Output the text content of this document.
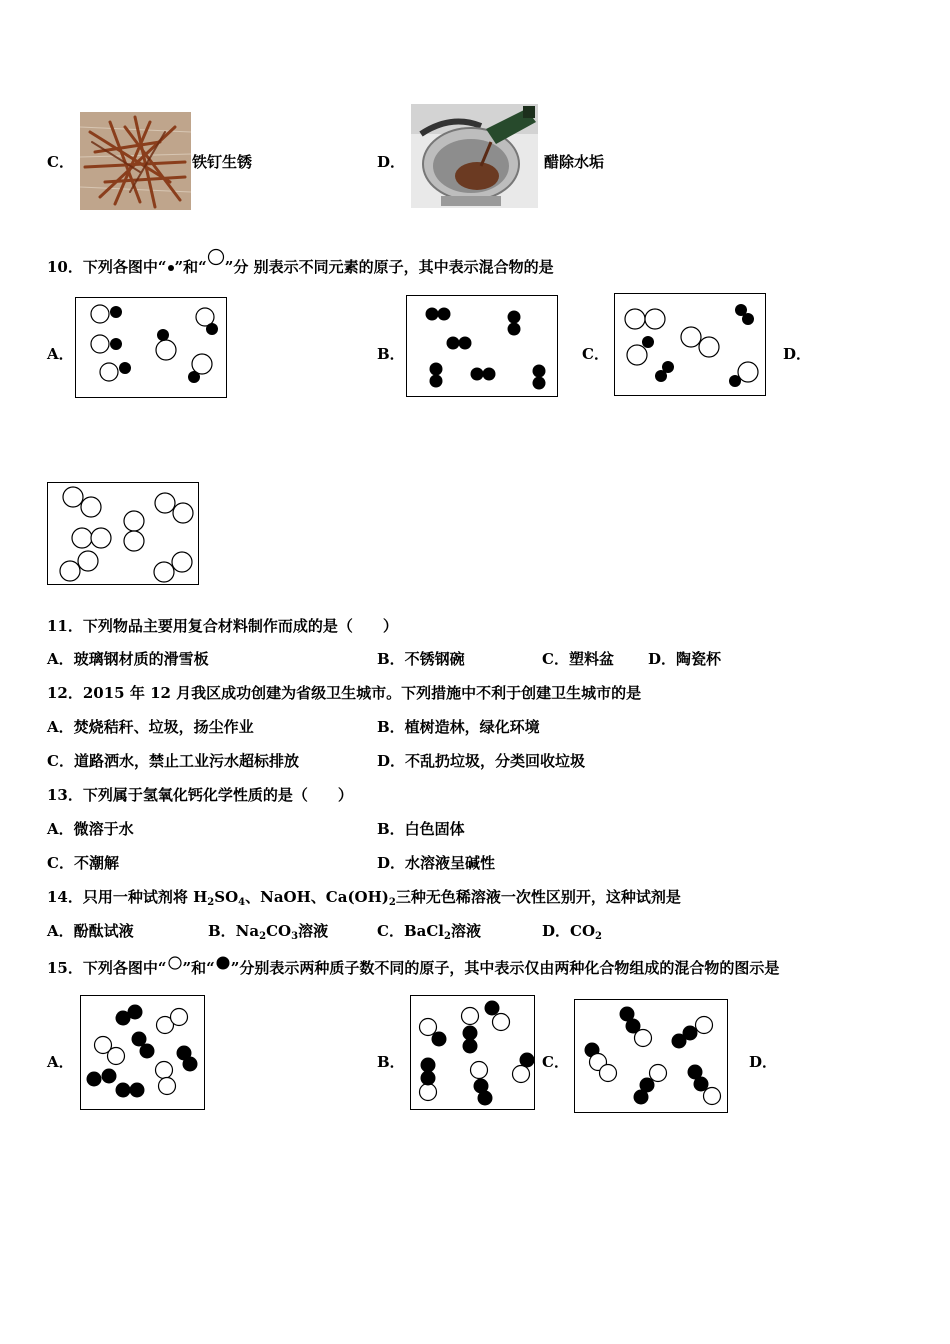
C．	铁钉生锈	D．	醋除水垢
10．下列各图中“ ”和“ ”分 别表示不同元素的原子，其中表示混合物的是
A．	B．	C．	D．
11．下列物品主要用复合材料制作而成的是（　　）
A．玻璃钢材质的滑雪板	B．不锈钢碗	C．塑料盆 D．陶瓷杯
12．2015 年 12 月我区成功创建为省级卫生城市。下列措施中不利于创建卫生城市的是
A．焚烧秸秆、垃圾，扬尘作业	B．植树造林，绿化环境
C．道路洒水，禁止工业污水超标排放	D．不乱扔垃圾，分类回收垃圾
13．下列属于氢氧化钙化学性质的是（　　）
A．微溶于水	B．白色固体
C．不潮解	D．水溶液呈碱性
14．只用一种试剂将 $H_2SO_4$、NaOH、$Ca(OH)_2$三种无色稀溶液一次性区别开，这种试剂是
A．酚酞试液	B．$Na_2CO_3$溶液	C．BaCl$_2$溶液	D．$CO_2$
15．下列各图中“ ”和“ ”分别表示两种质子数不同的原子，其中表示仅由两种化合物组成的混合物的图示是
A．	B．	C．	D．
